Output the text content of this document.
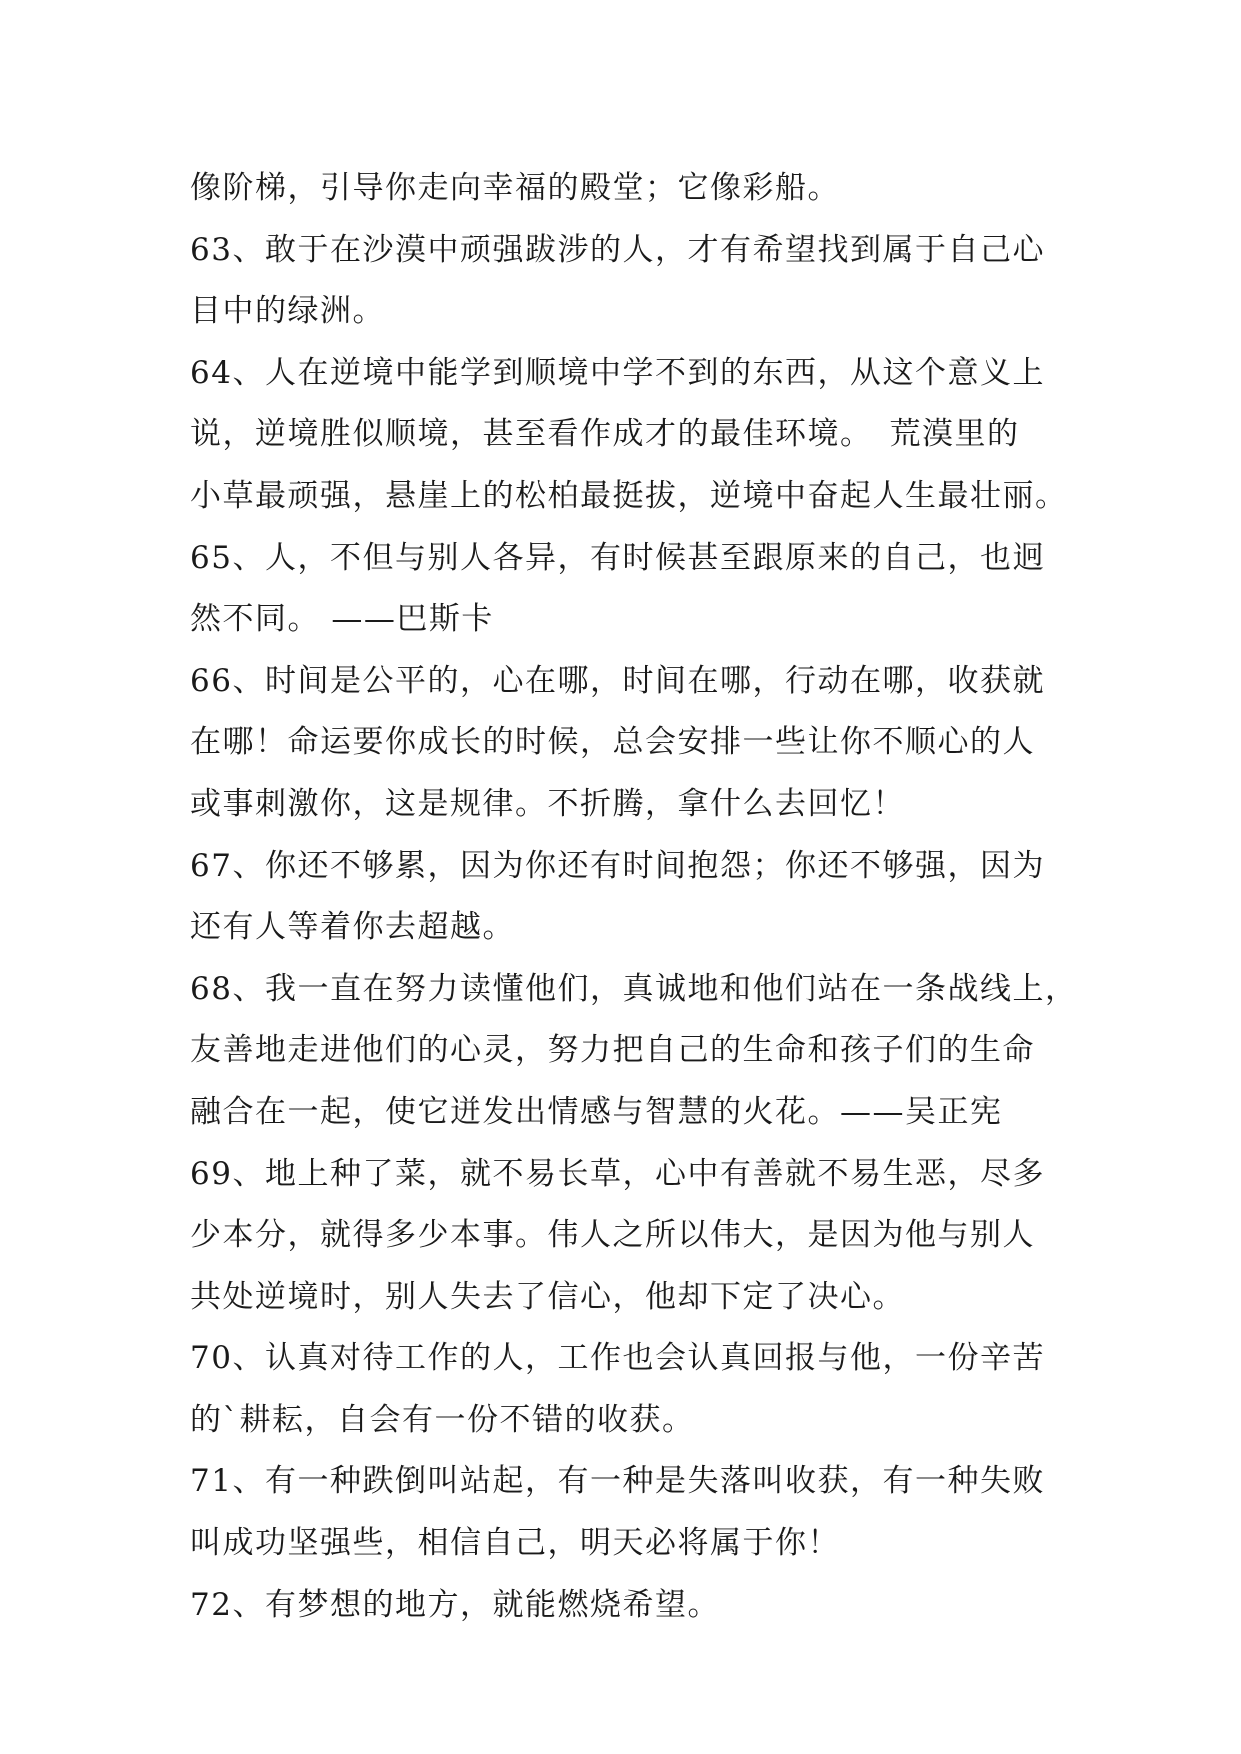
像阶梯，引导你走向幸福的殿堂；它像彩船。
63、敢于在沙漠中顽强跋涉的人，才有希望找到属于自己心
目中的绿洲。
64、人在逆境中能学到顺境中学不到的东西，从这个意义上
说，逆境胜似顺境，甚至看作成才的最佳环境。　荒漠里的
小草最顽强，悬崖上的松柏最挺拔，逆境中奋起人生最壮丽。
65、人，不但与别人各异，有时候甚至跟原来的自己，也迥
然不同。 ——巴斯卡
66、时间是公平的，心在哪，时间在哪，行动在哪，收获就
在哪！命运要你成长的时候，总会安排一些让你不顺心的人
或事刺激你，这是规律。不折腾，拿什么去回忆！
67、你还不够累，因为你还有时间抱怨；你还不够强，因为
还有人等着你去超越。
68、我一直在努力读懂他们，真诚地和他们站在一条战线上，
友善地走进他们的心灵，努力把自己的生命和孩子们的生命
融合在一起，使它迸发出情感与智慧的火花。——吴正宪
69、地上种了菜，就不易长草，心中有善就不易生恶，尽多
少本分，就得多少本事。伟人之所以伟大，是因为他与别人
共处逆境时，别人失去了信心，他却下定了决心。
70、认真对待工作的人，工作也会认真回报与他，一份辛苦
的`耕耘，自会有一份不错的收获。
71、有一种跌倒叫站起，有一种是失落叫收获，有一种失败
叫成功坚强些，相信自己，明天必将属于你！
72、有梦想的地方，就能燃烧希望。
